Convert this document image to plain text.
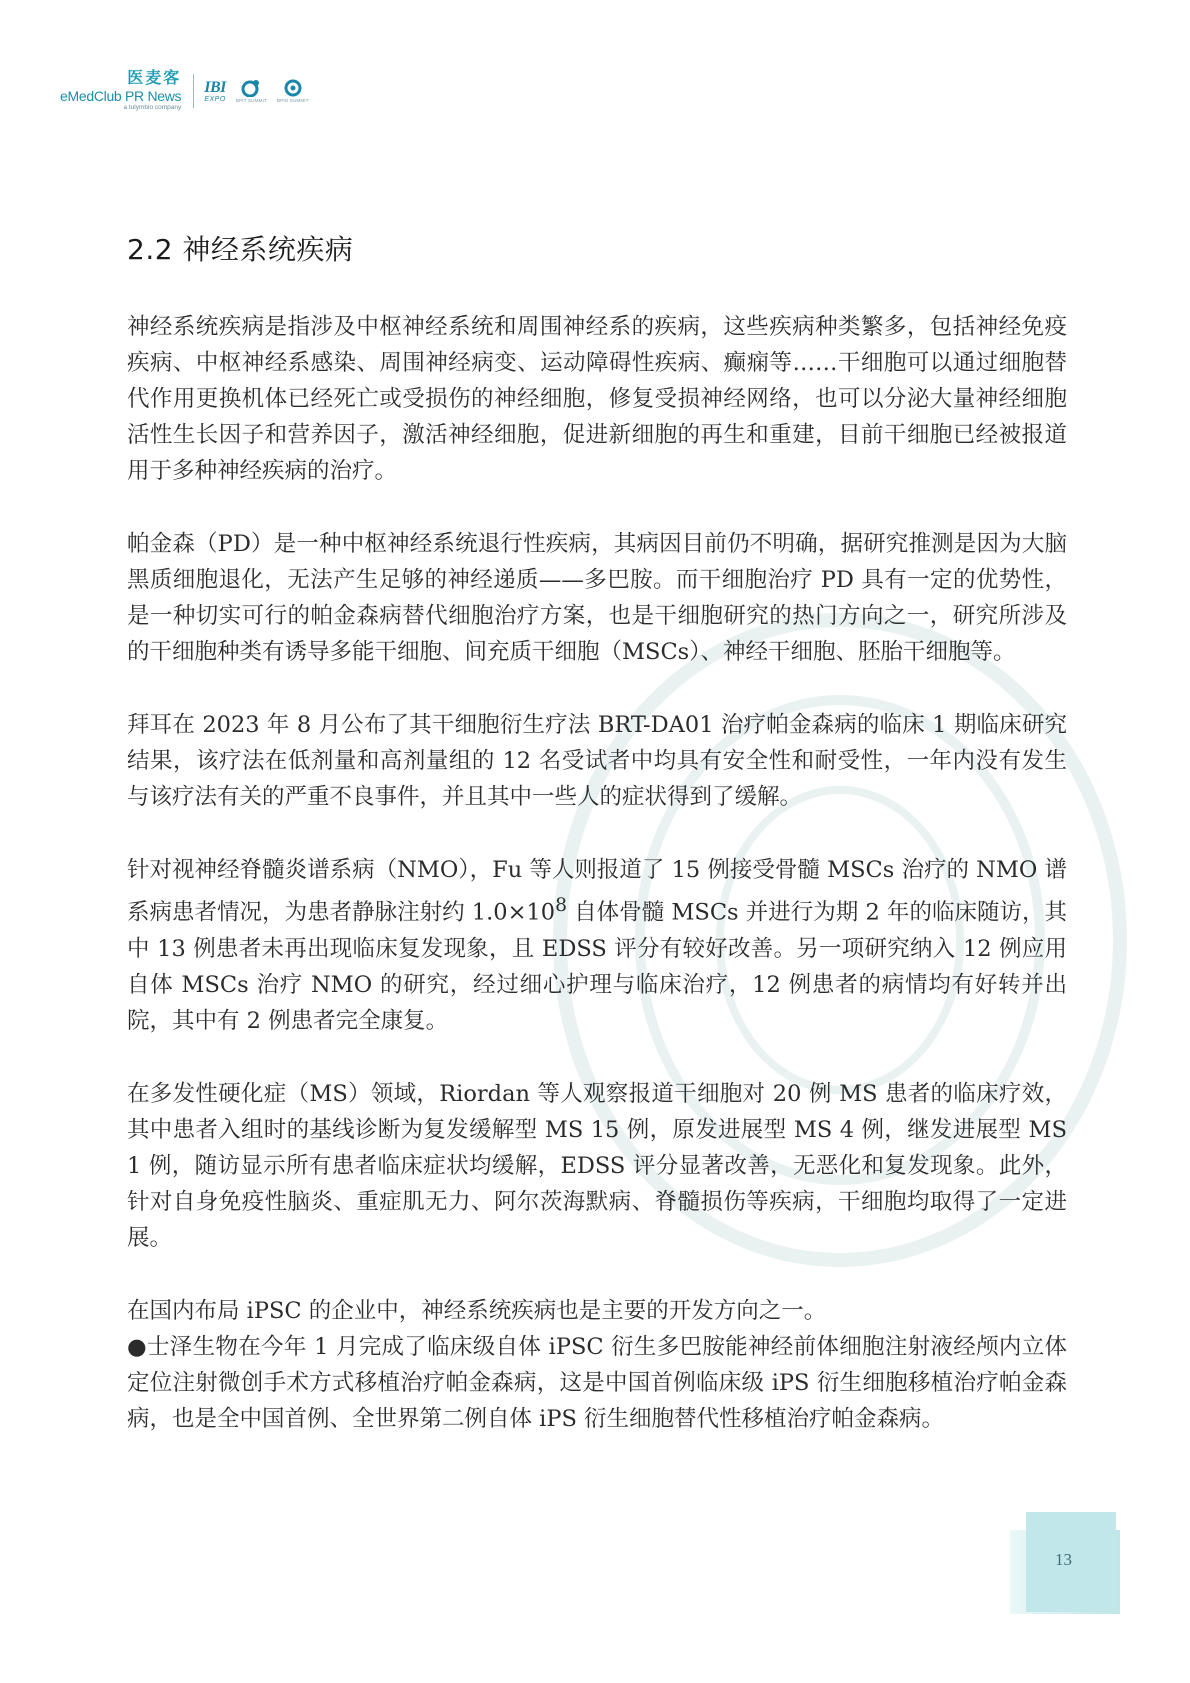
医麦客
eMedClub PR News
a tulymbio company
IBI
EXPO BPIT SUMMIT BPID SUMMIT
2.2 神经系统疾病

神经系统疾病是指涉及中枢神经系统和周围神经系的疾病，这些疾病种类繁多，包括神经免疫疾病、中枢神经系感染、周围神经病变、运动障碍性疾病、癫痫等……干细胞可以通过细胞替代作用更换机体已经死亡或受损伤的神经细胞，修复受损神经网络，也可以分泌大量神经细胞活性生长因子和营养因子，激活神经细胞，促进新细胞的再生和重建，目前干细胞已经被报道用于多种神经疾病的治疗。

帕金森（PD）是一种中枢神经系统退行性疾病，其病因目前仍不明确，据研究推测是因为大脑黑质细胞退化，无法产生足够的神经递质——多巴胺。而干细胞治疗 PD 具有一定的优势性，是一种切实可行的帕金森病替代细胞治疗方案，也是干细胞研究的热门方向之一，研究所涉及的干细胞种类有诱导多能干细胞、间充质干细胞（MSCs）、神经干细胞、胚胎干细胞等。

拜耳在 2023 年 8 月公布了其干细胞衍生疗法 BRT-DA01 治疗帕金森病的临床 1 期临床研究结果，该疗法在低剂量和高剂量组的 12 名受试者中均具有安全性和耐受性，一年内没有发生与该疗法有关的严重不良事件，并且其中一些人的症状得到了缓解。

针对视神经脊髓炎谱系病（NMO），Fu 等人则报道了 15 例接受骨髓 MSCs 治疗的 NMO 谱系病患者情况，为患者静脉注射约 $1.0\times 10^8$ 自体骨髓 MSCs 并进行为期 2 年的临床随访，其中 13 例患者未再出现临床复发现象，且 EDSS 评分有较好改善。另一项研究纳入 12 例应用自体 MSCs 治疗 NMO 的研究，经过细心护理与临床治疗，12 例患者的病情均有好转并出院，其中有 2 例患者完全康复。

在多发性硬化症（MS）领域，Riordan 等人观察报道干细胞对 20 例 MS 患者的临床疗效，其中患者入组时的基线诊断为复发缓解型 MS 15 例，原发进展型 MS 4 例，继发进展型 MS 1 例，随访显示所有患者临床症状均缓解，EDSS 评分显著改善，无恶化和复发现象。此外，针对自身免疫性脑炎、重症肌无力、阿尔茨海默病、脊髓损伤等疾病，干细胞均取得了一定进展。

在国内布局 iPSC 的企业中，神经系统疾病也是主要的开发方向之一。

●士泽生物在今年 1 月完成了临床级自体 iPSC 衍生多巴胺能神经前体细胞注射液经颅内立体定位注射微创手术方式移植治疗帕金森病，这是中国首例临床级 iPS 衍生细胞移植治疗帕金森病，也是全中国首例、全世界第二例自体 iPS 衍生细胞替代性移植治疗帕金森病。

13
